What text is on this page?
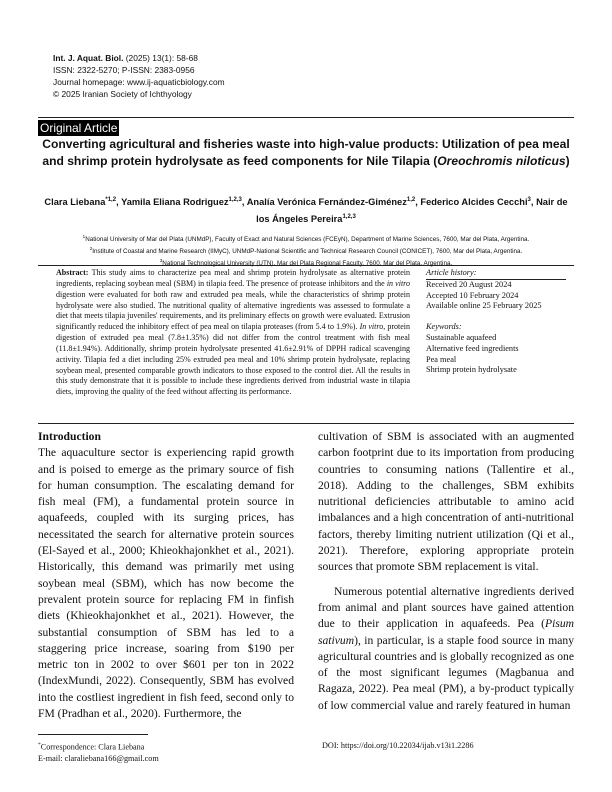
Int. J. Aquat. Biol. (2025) 13(1): 58-68
ISSN: 2322-5270; P-ISSN: 2383-0956
Journal homepage: www.ij-aquaticbiology.com
© 2025 Iranian Society of Ichthyology
Original Article
Converting agricultural and fisheries waste into high-value products: Utilization of pea meal and shrimp protein hydrolysate as feed components for Nile Tilapia (Oreochromis niloticus)
Clara Liebana$^{*1,2}$, Yamila Eliana Rodriguez$^{1,2,3}$, Analía Verónica Fernández-Giménez$^{1,2}$, Federico Alcides Cecchi$^3$, Nair de los Ángeles Pereira$^{1,2,3}$
$^1$National University of Mar del Plata (UNMdP), Faculty of Exact and Natural Sciences (FCEyN), Department of Marine Sciences, 7600, Mar del Plata, Argentina.
$^2$Institute of Coastal and Marine Research (IIMyC), UNMdP-National Scientific and Technical Research Council (CONICET), 7600, Mar del Plata, Argentina.
$^3$National Technological University (UTN), Mar del Plata Regional Faculty, 7600, Mar del Plata, Argentina.
Abstract: This study aims to characterize pea meal and shrimp protein hydrolysate as alternative protein ingredients, replacing soybean meal (SBM) in tilapia feed. The presence of protease inhibitors and the in vitro digestion were evaluated for both raw and extruded pea meals, while the characteristics of shrimp protein hydrolysate were also studied. The nutritional quality of alternative ingredients was assessed to formulate a diet that meets tilapia juveniles' requirements, and its preliminary effects on growth were evaluated. Extrusion significantly reduced the inhibitory effect of pea meal on tilapia proteases (from 5.4 to 1.9%). In vitro, protein digestion of extruded pea meal (7.8±1.35%) did not differ from the control treatment with fish meal (11.8±1.94%). Additionally, shrimp protein hydrolysate presented 41.6±2.91% of DPPH radical scavenging activity. Tilapia fed a diet including 25% extruded pea meal and 10% shrimp protein hydrolysate, replacing soybean meal, presented comparable growth indicators to those exposed to the control diet. All the results in this study demonstrate that it is possible to include these ingredients derived from industrial waste in tilapia diets, improving the quality of the feed without affecting its performance.
Article history:
Received 20 August 2024
Accepted 10 February 2024
Available online 25 February 2025
Keywords:
Sustainable aquafeed
Alternative feed ingredients
Pea meal
Shrimp protein hydrolysate
Introduction

The aquaculture sector is experiencing rapid growth and is poised to emerge as the primary source of fish for human consumption. The escalating demand for fish meal (FM), a fundamental protein source in aquafeeds, coupled with its surging prices, has necessitated the search for alternative protein sources (El-Sayed et al., 2000; Khieokhajonkhet et al., 2021). Historically, this demand was primarily met using soybean meal (SBM), which has now become the prevalent protein source for replacing FM in finfish diets (Khieokhajonkhet et al., 2021). However, the substantial consumption of SBM has led to a staggering price increase, soaring from $190 per metric ton in 2002 to over $601 per ton in 2022 (IndexMundi, 2022). Consequently, SBM has evolved into the costliest ingredient in fish feed, second only to FM (Pradhan et al., 2020). Furthermore, the

cultivation of SBM is associated with an augmented carbon footprint due to its importation from producing countries to consuming nations (Tallentire et al., 2018). Adding to the challenges, SBM exhibits nutritional deficiencies attributable to amino acid imbalances and a high concentration of anti-nutritional factors, thereby limiting nutrient utilization (Qi et al., 2021). Therefore, exploring appropriate protein sources that promote SBM replacement is vital.

Numerous potential alternative ingredients derived from animal and plant sources have gained attention due to their application in aquafeeds. Pea (Pisum sativum), in particular, is a staple food source in many agricultural countries and is globally recognized as one of the most significant legumes (Magbanua and Ragaza, 2022). Pea meal (PM), a by-product typically of low commercial value and rarely featured in human

*Correspondence: Clara Liebana
E-mail: claraliebana166@gmail.com
DOI: https://doi.org/10.22034/ijab.v13i1.2286
